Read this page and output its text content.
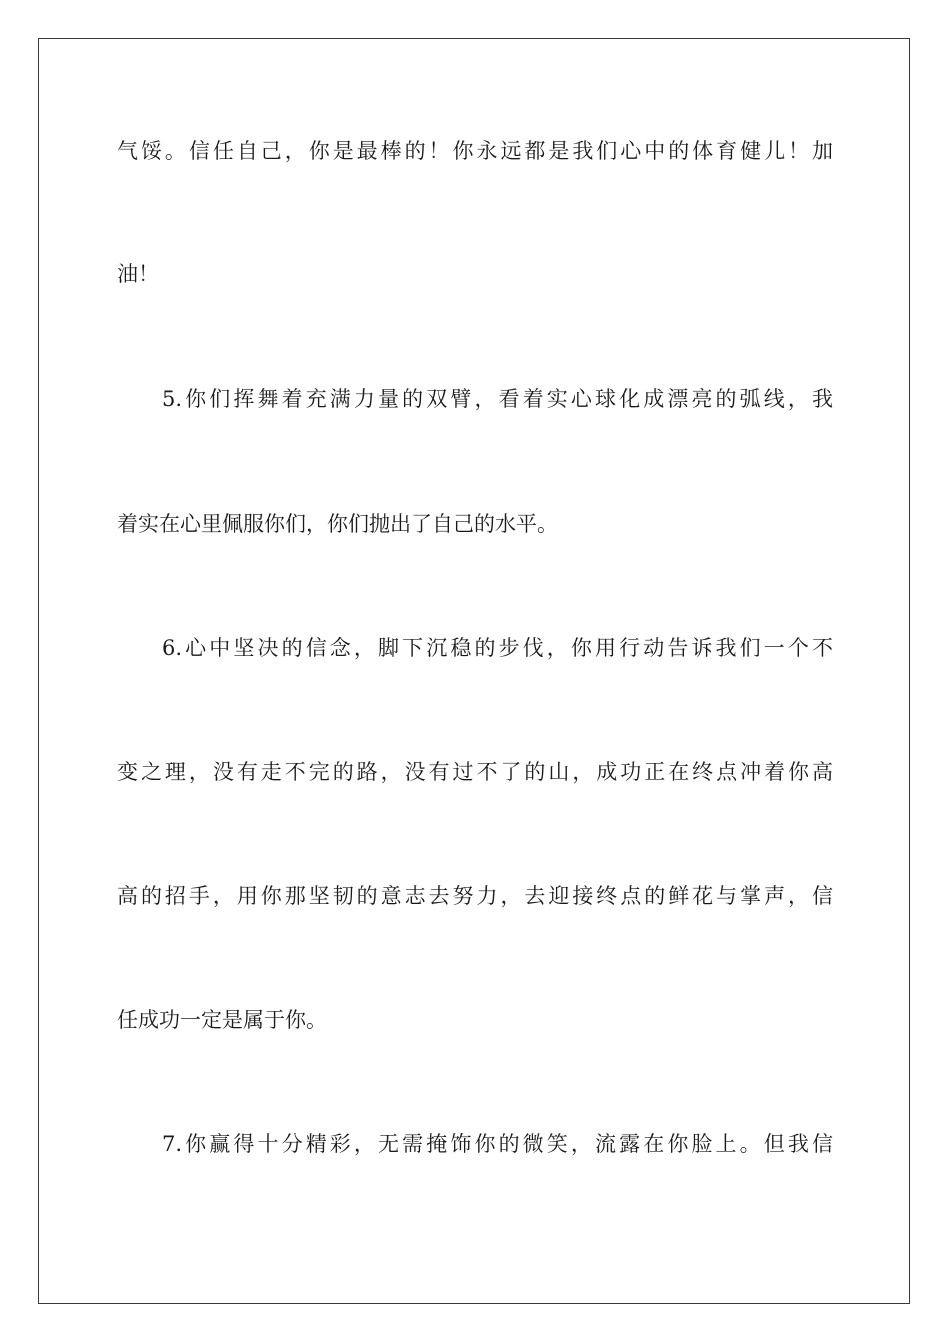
气馁。信任自己，你是最棒的！你永远都是我们心中的体育健儿！加
油！
5.你们挥舞着充满力量的双臂，看着实心球化成漂亮的弧线，我
着实在心里佩服你们，你们抛出了自己的水平。
6.心中坚决的信念，脚下沉稳的步伐，你用行动告诉我们一个不
变之理，没有走不完的路，没有过不了的山，成功正在终点冲着你高
高的招手，用你那坚韧的意志去努力，去迎接终点的鲜花与掌声，信
任成功一定是属于你。
7.你赢得十分精彩，无需掩饰你的微笑，流露在你脸上。但我信
